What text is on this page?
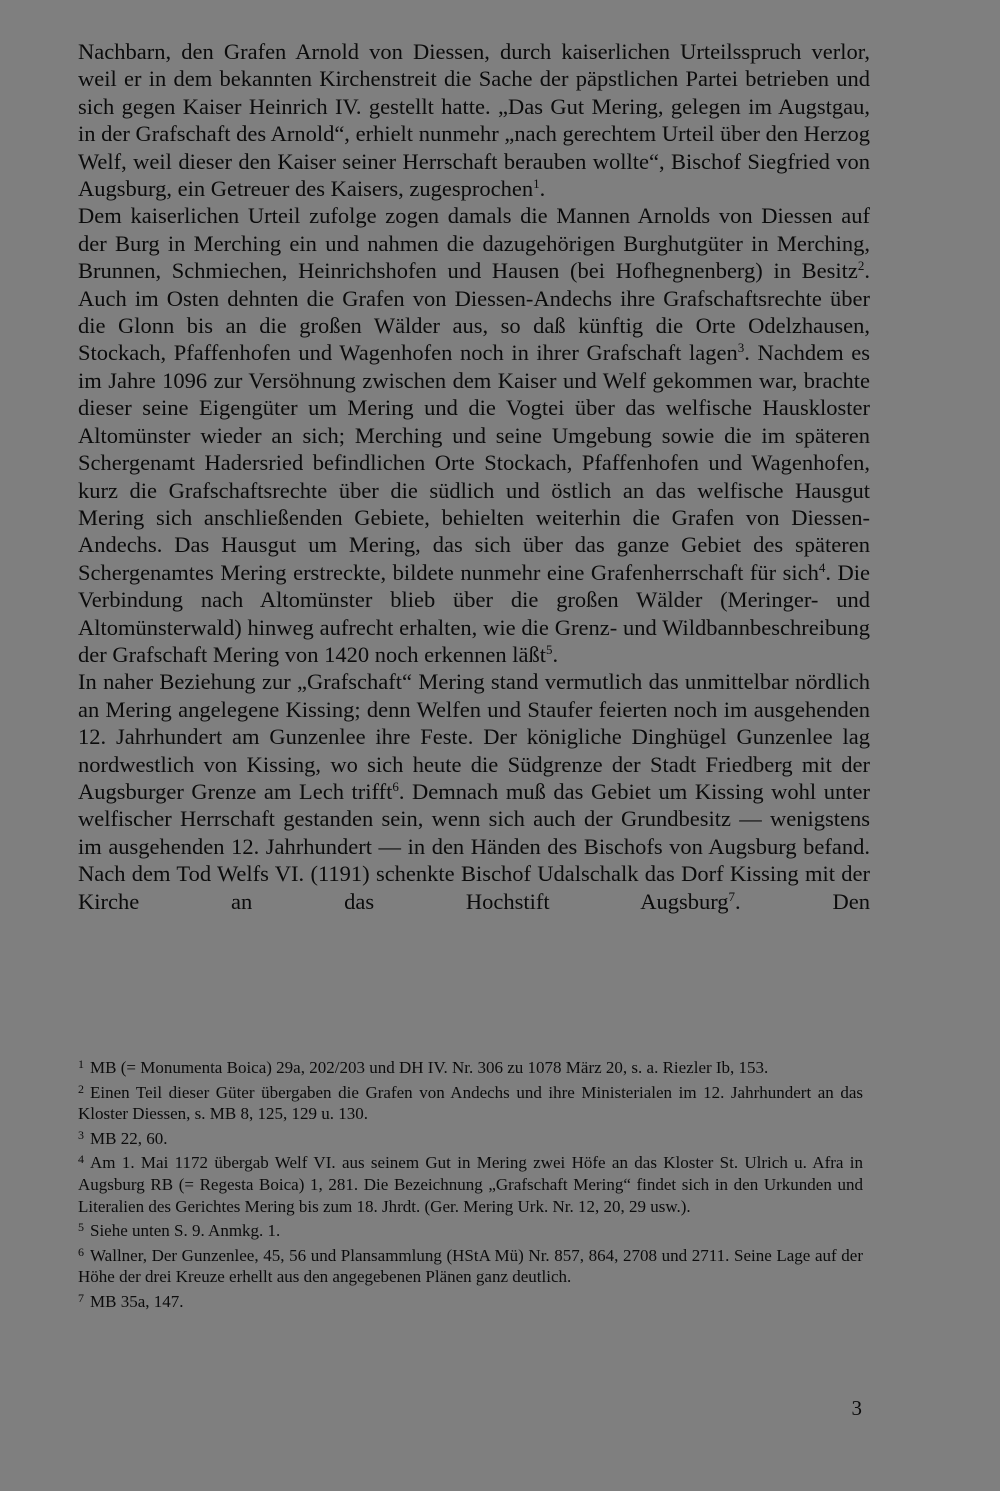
Nachbarn, den Grafen Arnold von Diessen, durch kaiserlichen Urteilsspruch verlor, weil er in dem bekannten Kirchenstreit die Sache der päpstlichen Partei betrieben und sich gegen Kaiser Heinrich IV. gestellt hatte. „Das Gut Mering, gelegen im Augstgau, in der Grafschaft des Arnold“, erhielt nunmehr „nach gerechtem Urteil über den Herzog Welf, weil dieser den Kaiser seiner Herrschaft berauben wollte“, Bischof Siegfried von Augsburg, ein Getreuer des Kaisers, zugesprochen$^1$.

Dem kaiserlichen Urteil zufolge zogen damals die Mannen Arnolds von Diessen auf der Burg in Merching ein und nahmen die dazugehörigen Burghutgüter in Merching, Brunnen, Schmiechen, Heinrichshofen und Hausen (bei Hofhegnenberg) in Besitz$^2$. Auch im Osten dehnten die Grafen von Diessen-Andechs ihre Grafschaftsrechte über die Glonn bis an die großen Wälder aus, so daß künftig die Orte Odelzhausen, Stockach, Pfaffenhofen und Wagenhofen noch in ihrer Grafschaft lagen$^3$. Nachdem es im Jahre 1096 zur Versöhnung zwischen dem Kaiser und Welf gekommen war, brachte dieser seine Eigengüter um Mering und die Vogtei über das welfische Hauskloster Altomünster wieder an sich; Merching und seine Umgebung sowie die im späteren Schergenamt Hadersried befindlichen Orte Stockach, Pfaffenhofen und Wagenhofen, kurz die Grafschaftsrechte über die südlich und östlich an das welfische Hausgut Mering sich anschließenden Gebiete, behielten weiterhin die Grafen von Diessen-Andechs. Das Hausgut um Mering, das sich über das ganze Gebiet des späteren Schergenamtes Mering erstreckte, bildete nunmehr eine Grafenherrschaft für sich$^4$. Die Verbindung nach Altomünster blieb über die großen Wälder (Meringer- und Altomünsterwald) hinweg aufrecht erhalten, wie die Grenz- und Wildbannbeschreibung der Grafschaft Mering von 1420 noch erkennen läßt$^5$.

In naher Beziehung zur „Grafschaft“ Mering stand vermutlich das unmittelbar nördlich an Mering angelegene Kissing; denn Welfen und Staufer feierten noch im ausgehenden 12. Jahrhundert am Gunzenlee ihre Feste. Der königliche Dinghügel Gunzenlee lag nordwestlich von Kissing, wo sich heute die Südgrenze der Stadt Friedberg mit der Augsburger Grenze am Lech trifft$^6$. Demnach muß das Gebiet um Kissing wohl unter welfischer Herrschaft gestanden sein, wenn sich auch der Grundbesitz — wenigstens im ausgehenden 12. Jahrhundert — in den Händen des Bischofs von Augsburg befand. Nach dem Tod Welfs VI. (1191) schenkte Bischof Udalschalk das Dorf Kissing mit der Kirche an das Hochstift Augsburg$^7$. Den

$^1$ MB (= Monumenta Boica) 29a, 202/203 und DH IV. Nr. 306 zu 1078 März 20, s. a. Riezler Ib, 153.

$^2$ Einen Teil dieser Güter übergaben die Grafen von Andechs und ihre Ministerialen im 12. Jahrhundert an das Kloster Diessen, s. MB 8, 125, 129 u. 130.

$^3$ MB 22, 60.

$^4$ Am 1. Mai 1172 übergab Welf VI. aus seinem Gut in Mering zwei Höfe an das Kloster St. Ulrich u. Afra in Augsburg RB (= Regesta Boica) 1, 281. Die Bezeichnung „Grafschaft Mering“ findet sich in den Urkunden und Literalien des Gerichtes Mering bis zum 18. Jhrdt. (Ger. Mering Urk. Nr. 12, 20, 29 usw.).

$^5$ Siehe unten S. 9. Anmkg. 1.

$^6$ Wallner, Der Gunzenlee, 45, 56 und Plansammlung (HStA Mü) Nr. 857, 864, 2708 und 2711. Seine Lage auf der Höhe der drei Kreuze erhellt aus den angegebenen Plänen ganz deutlich.

$^7$ MB 35a, 147.

3
